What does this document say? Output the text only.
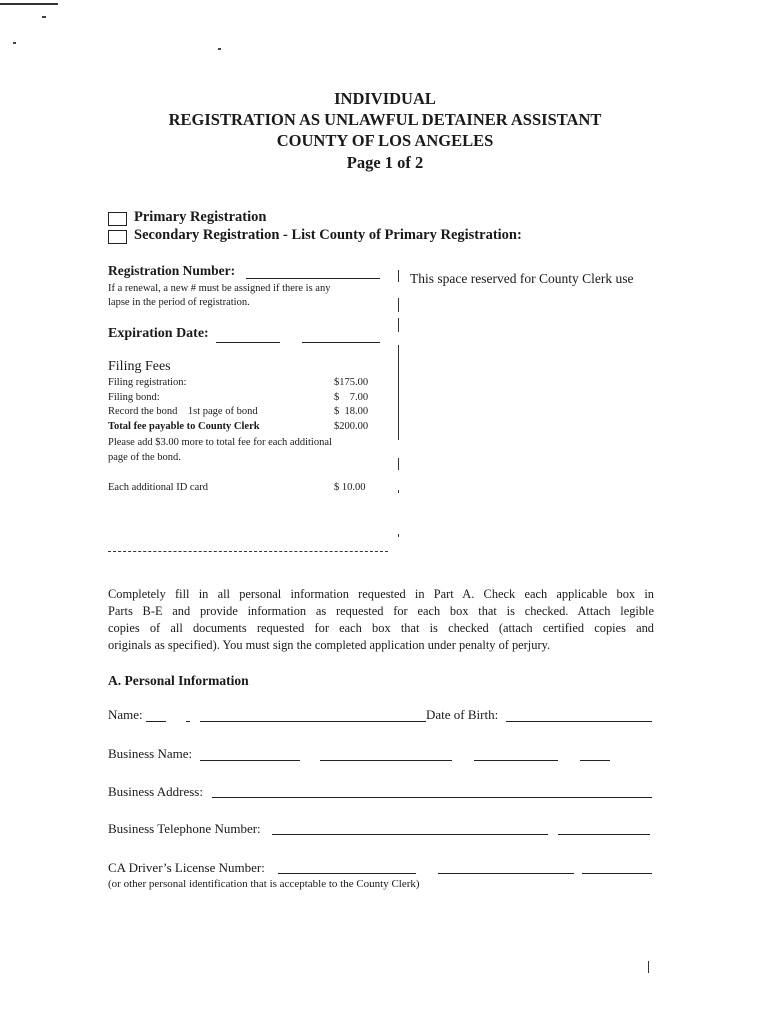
INDIVIDUAL
REGISTRATION AS UNLAWFUL DETAINER ASSISTANT
COUNTY OF LOS ANGELES
Page 1 of 2
Primary Registration
Secondary Registration - List County of Primary Registration:
Registration Number:
If a renewal, a new # must be assigned if there is any
lapse in the period of registration.
Expiration Date:
This space reserved for County Clerk use
Filing Fees
Filing registration:	$175.00
Filing bond:	$    7.00
Record the bond    1st page of bond	$  18.00
Total fee payable to County Clerk	$200.00
Please add $3.00 more to total fee for each additional
page of the bond.
Each additional ID card	$ 10.00
Completely fill in all personal information requested in Part A. Check each applicable box in
Parts B-E and provide information as requested for each box that is checked. Attach legible
copies of all documents requested for each box that is checked (attach certified copies and
originals as specified). You must sign the completed application under penalty of perjury.
A. Personal Information
Name:	Date of Birth:
Business Name:
Business Address:
Business Telephone Number:
CA Driver’s License Number:
(or other personal identification that is acceptable to the County Clerk)
